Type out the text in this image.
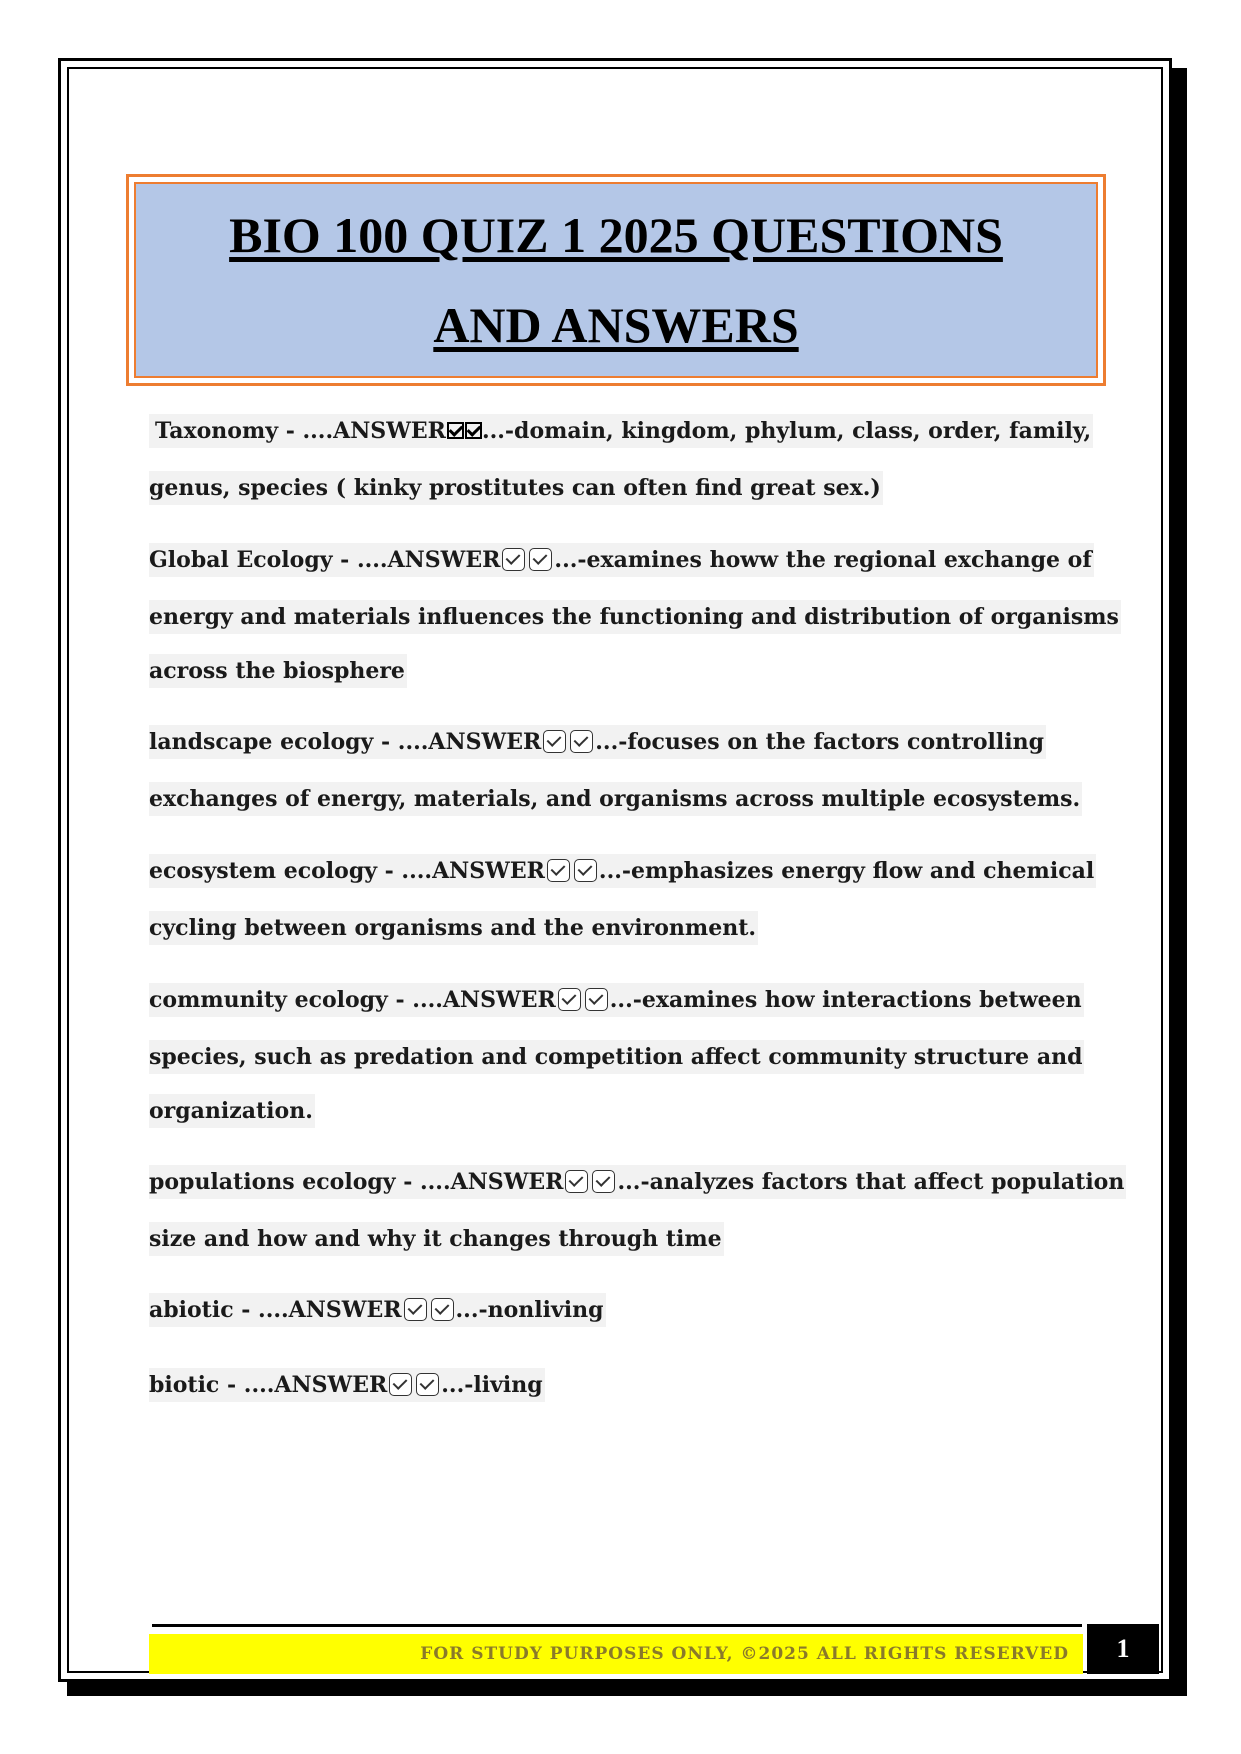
BIO 100 QUIZ 1 2025 QUESTIONS
AND ANSWERS
Taxonomy - ....ANSWER ...-domain, kingdom, phylum, class, order, family,
genus, species ( kinky prostitutes can often find great sex.)
Global Ecology - ....ANSWER ...-examines howw the regional exchange of
energy and materials influences the functioning and distribution of organisms
across the biosphere
landscape ecology - ....ANSWER ...-focuses on the factors controlling
exchanges of energy, materials, and organisms across multiple ecosystems.
ecosystem ecology - ....ANSWER ...-emphasizes energy flow and chemical
cycling between organisms and the environment.
community ecology - ....ANSWER ...-examines how interactions between
species, such as predation and competition affect community structure and
organization.
populations ecology - ....ANSWER ...-analyzes factors that affect population
size and how and why it changes through time
abiotic - ....ANSWER ...-nonliving
biotic - ....ANSWER ...-living
FOR STUDY PURPOSES ONLY, ©2025 ALL RIGHTS RESERVED	1
